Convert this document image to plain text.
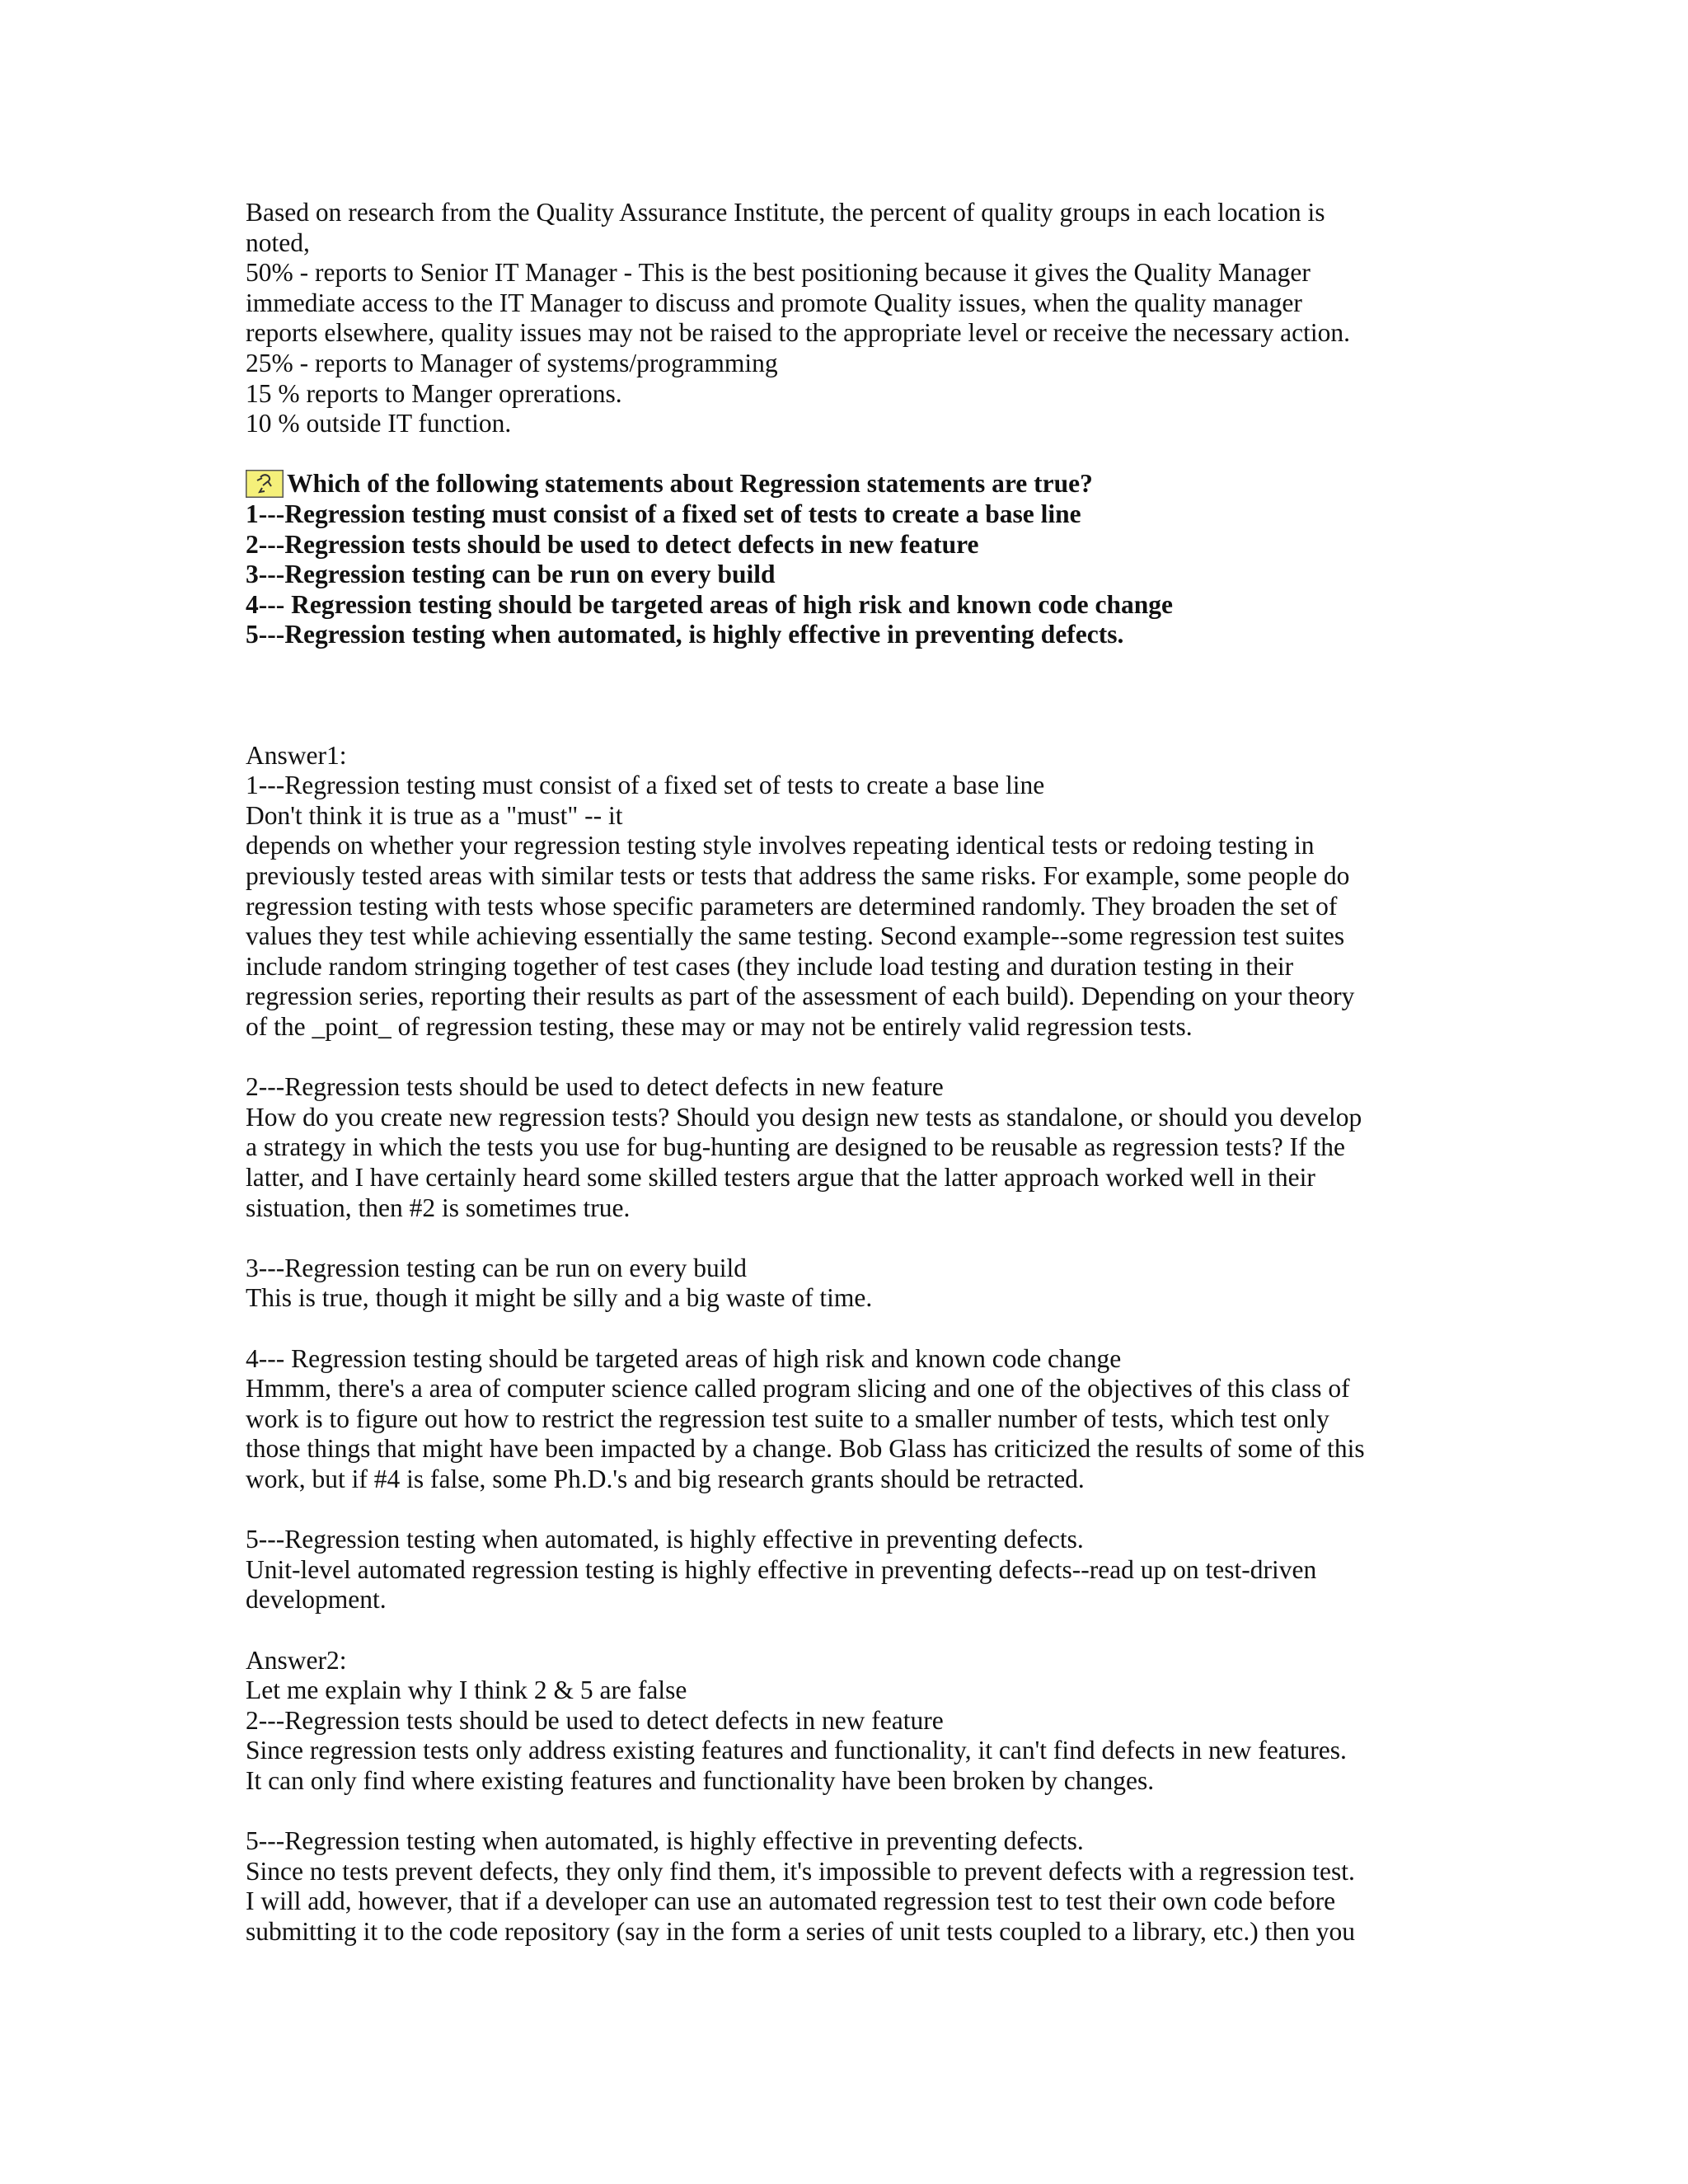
Based on research from the Quality Assurance Institute, the percent of quality groups in each location is
noted,
50% - reports to Senior IT Manager - This is the best positioning because it gives the Quality Manager
immediate access to the IT Manager to discuss and promote Quality issues, when the quality manager
reports elsewhere, quality issues may not be raised to the appropriate level or receive the necessary action.
25% - reports to Manager of systems/programming
15 % reports to Manger oprerations.
10 % outside IT function.
Which of the following statements about Regression statements are true?
1---Regression testing must consist of a fixed set of tests to create a base line
2---Regression tests should be used to detect defects in new feature
3---Regression testing can be run on every build
4--- Regression testing should be targeted areas of high risk and known code change
5---Regression testing when automated, is highly effective in preventing defects.
Answer1:
1---Regression testing must consist of a fixed set of tests to create a base line
Don't think it is true as a "must" -- it
depends on whether your regression testing style involves repeating identical tests or redoing testing in
previously tested areas with similar tests or tests that address the same risks. For example, some people do
regression testing with tests whose specific parameters are determined randomly. They broaden the set of
values they test while achieving essentially the same testing. Second example--some regression test suites
include random stringing together of test cases (they include load testing and duration testing in their
regression series, reporting their results as part of the assessment of each build). Depending on your theory
of the _point_ of regression testing, these may or may not be entirely valid regression tests.
2---Regression tests should be used to detect defects in new feature
How do you create new regression tests? Should you design new tests as standalone, or should you develop
a strategy in which the tests you use for bug-hunting are designed to be reusable as regression tests? If the
latter, and I have certainly heard some skilled testers argue that the latter approach worked well in their
sistuation, then #2 is sometimes true.
3---Regression testing can be run on every build
This is true, though it might be silly and a big waste of time.
4--- Regression testing should be targeted areas of high risk and known code change
Hmmm, there's a area of computer science called program slicing and one of the objectives of this class of
work is to figure out how to restrict the regression test suite to a smaller number of tests, which test only
those things that might have been impacted by a change. Bob Glass has criticized the results of some of this
work, but if #4 is false, some Ph.D.'s and big research grants should be retracted.
5---Regression testing when automated, is highly effective in preventing defects.
Unit-level automated regression testing is highly effective in preventing defects--read up on test-driven
development.
Answer2:
Let me explain why I think 2 & 5 are false
2---Regression tests should be used to detect defects in new feature
Since regression tests only address existing features and functionality, it can't find defects in new features.
It can only find where existing features and functionality have been broken by changes.
5---Regression testing when automated, is highly effective in preventing defects.
Since no tests prevent defects, they only find them, it's impossible to prevent defects with a regression test.
I will add, however, that if a developer can use an automated regression test to test their own code before
submitting it to the code repository (say in the form a series of unit tests coupled to a library, etc.) then you
